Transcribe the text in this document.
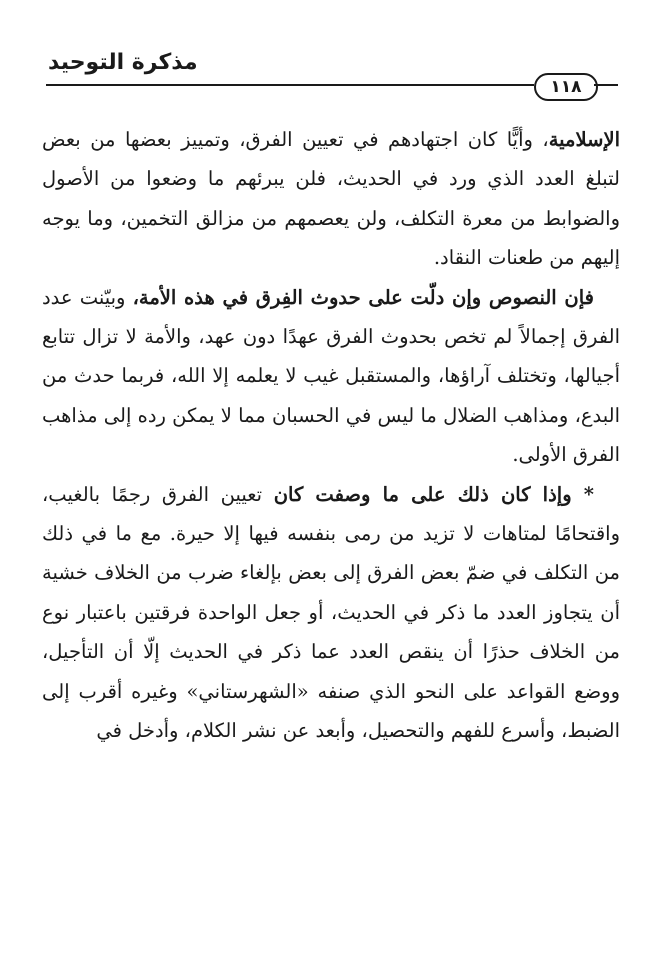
مذكرة التوحيد
١١٨

الإسلامية، وأيًّا كان اجتهادهم في تعيين الفرق، وتمييز بعضها من بعض لتبلغ العدد الذي ورد في الحديث، فلن يبرئهم ما وضعوا من الأصول والضوابط من معرة التكلف، ولن يعصمهم من مزالق التخمين، وما يوجه إليهم من طعنات النقاد.

فإن النصوص وإن دلّت على حدوث الفِرق في هذه الأمة، وبيّنت عدد الفرق إجمالاً لم تخص بحدوث الفرق عهدًا دون عهد، والأمة لا تزال تتابع أجيالها، وتختلف آراؤها، والمستقبل غيب لا يعلمه إلا الله، فربما حدث من البدع، ومذاهب الضلال ما ليس في الحسبان مما لا يمكن رده إلى مذاهب الفرق الأولى.

* وإذا كان ذلك على ما وصفت كان تعيين الفرق رجمًا بالغيب، واقتحامًا لمتاهات لا تزيد من رمى بنفسه فيها إلا حيرة. مع ما في ذلك من التكلف في ضمّ بعض الفرق إلى بعض بإلغاء ضرب من الخلاف خشية أن يتجاوز العدد ما ذكر في الحديث، أو جعل الواحدة فرقتين باعتبار نوع من الخلاف حذرًا أن ينقص العدد عما ذكر في الحديث إلّا أن التأجيل، ووضع القواعد على النحو الذي صنفه «الشهرستاني» وغيره أقرب إلى الضبط، وأسرع للفهم والتحصيل، وأبعد عن نشر الكلام، وأدخل في
